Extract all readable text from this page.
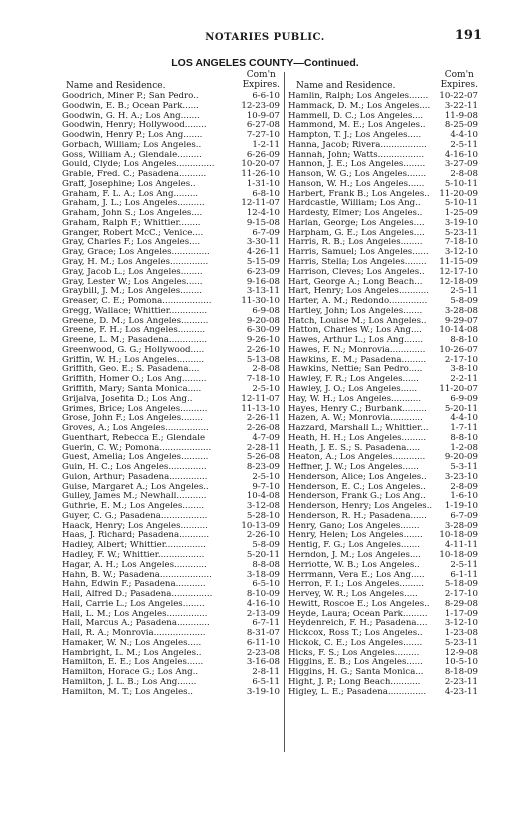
NOTARIES PUBLIC.	191
LOS ANGELES COUNTY—Continued.
Name and Residence.
Com'n
Expires.
Goodrich, Miner P.; San Pedro..	6-6-10
Goodwin, E. B.; Ocean Park......	12-23-09
Goodwin, G. H. A.; Los Ang.......	10-9-07
Goodwin, Henry; Hollywood........	6-27-08
Goodwin, Henry P.; Los Ang.......	7-27-10
Gorbach, William; Los Angeles..	1-2-11
Goss, William A.; Glendale.........	6-26-09
Gould, Clyde; Los Angeles..............	10-20-07
Grable, Fred. C.; Pasadena..........	11-26-10
Graff, Josephine; Los Angeles..	1-31-10
Graham, F. L. A.; Los Ang.........	6-8-10
Graham, J. L.; Los Angeles..........	12-11-07
Graham, John S.; Los Angeles....	12-4-10
Graham, Ralph F.; Whittier........	9-15-08
Granger, Robert McC.; Venice....	6-7-09
Gray, Charles F.; Los Angeles....	3-30-11
Gray, Grace; Los Angeles..............	4-26-11
Gray, H. M.; Los Angeles..............	5-15-09
Gray, Jacob L.; Los Angeles........	6-23-09
Gray, Lester W.; Los Angeles......	9-16-08
Graybill, J. M.; Los Angeles........	3-13-11
Greaser, C. E.; Pomona..................	11-30-10
Gregg, Wallace; Whittier..............	6-9-08
Greene, D. M.; Los Angeles..........	9-20-08
Greene, F. H.; Los Angeles..........	6-30-09
Greene, L. M.; Pasadena..............	9-26-10
Greenwood, G. G.; Hollywood.....	2-26-10
Griffin, W. H.; Los Angeles..........	5-13-08
Griffith, Geo. E.; S. Pasadena....	2-8-08
Griffith, Homer O.; Los Ang.........	7-18-10
Griffith, Mary; Santa Monica.....	2-5-10
Grijalva, Josefita D.; Los Ang..	12-11-07
Grimes, Brice; Los Angeles..........	11-13-10
Grose, John F.; Los Angeles........	2-26-11
Groves, A.; Los Angeles................	2-26-08
Guenthart, Rebecca E.; Glendale	4-7-09
Guerin, C. W.; Pomona...................	2-28-11
Guest, Amelia; Los Angeles..........	5-26-08
Guin, H. C.; Los Angeles..............	8-23-09
Guion, Arthur; Pasadena..............	2-5-10
Guise, Margaret A.; Los Angeles..	9-7-10
Gulley, James M.; Newhall...........	10-4-08
Guthrie, E. M.; Los Angeles........	3-12-08
Guyer, C. G.; Pasadena.................	5-28-10
Haack, Henry; Los Angeles..........	10-13-09
Haas, J. Richard; Pasadena...........	2-26-10
Hadley, Albert; Whittier...............	5-8-09
Hadley, F. W.; Whittier.................	5-20-11
Hagar, A. H.; Los Angeles............	8-8-08
Hahn, B. W.; Pasadena...................	3-18-09
Hahn, Edwin F.; Pasadena...........	6-5-10
Hall, Alfred D.; Pasadena...............	8-10-09
Hall, Carrie L.; Los Angeles........	4-16-10
Hall, L. M.; Los Angeles...............	2-13-09
Hall, Marcus A.; Pasadena............	6-7-11
Hall, R. A.; Monrovia...................	8-31-07
Hamaker, W. N.; Los Angeles.....	6-11-10
Hambright, L. M.; Los Angeles..	2-23-08
Hamilton, E. E.; Los Angeles......	3-16-08
Hamilton, Horace G.; Los Ang..	2-8-11
Hamilton, J. L. B.; Los Ang.......	6-5-11
Hamilton, M. T.; Los Angeles..	3-19-10
Name and Residence.
Com'n
Expires.
Hamlin, Ralph; Los Angeles.......	10-22-07
Hammack, D. M.; Los Angeles....	3-22-11
Hammell, D. C.; Los Angeles....	11-9-08
Hammond, M. E.; Los Angeles..	8-25-09
Hampton, T. J.; Los Angeles.....	4-4-10
Hanna, Jacob; Rivera.................	2-5-11
Hannah, John; Watts.................	4-16-10
Hannon, J. E.; Los Angeles........	3-27-09
Hanson, W. G.; Los Angeles.......	2-8-08
Hanson, W. H.; Los Angeles......	5-10-11
Harbert, Frank B.; Los Angeles..	11-20-09
Hardcastle, William; Los Ang..	5-10-11
Hardesty, Elmer; Los Angeles..	1-25-09
Harlan, George; Los Angeles....	3-19-10
Harpham, G. E.; Los Angeles....	5-23-11
Harris, R. B.; Los Angeles........	7-18-10
Harris, Samuel; Los Angeles......	3-12-10
Harris, Stella; Los Angeles........	11-15-09
Harrison, Cleves; Los Angeles..	12-17-10
Hart, George A.; Long Beach...	12-18-09
Hart, Henry; Los Angeles...........	2-5-11
Harter, A. M.; Redondo..............	5-8-09
Hartley, John; Los Angeles.......	3-28-08
Hatch, Louise M.; Los Angeles..	9-29-07
Hatton, Charles W.; Los Ang....	10-14-08
Hawes, Arthur L.; Los Ang.......	8-8-10
Hawes, F. N.; Monrovia.............	10-26-07
Hawkins, E. M.; Pasadena.........	2-17-10
Hawkins, Nettie; San Pedro.....	3-8-10
Hawley, F. R.; Los Angeles......	2-2-11
Hawley, J. O.; Los Angeles......	11-20-07
Hay, W. H.; Los Angeles...........	6-9-09
Hayes, Henry C.; Burbank.........	5-20-11
Hazen, A. W.; Monrovia............	4-4-10
Hazzard, Marshall L.; Whittier...	1-7-11
Heath, H. H.; Los Angeles.........	8-8-10
Heath, J. E. S.; S. Pasadena.....	1-2-08
Heaton, A.; Los Angeles............	9-20-09
Heffner, J. W.; Los Angeles......	5-3-11
Henderson, Alice; Los Angeles..	3-23-10
Henderson, E. C.; Los Angeles..	2-8-09
Henderson, Frank G.; Los Ang..	1-6-10
Henderson, Henry; Los Angeles..	1-19-10
Henderson, R. H.; Pasadena......	6-7-09
Henry, Gano; Los Angeles.......	3-28-09
Henry, Helen; Los Angeles.......	10-18-09
Hentig, F. G.; Los Angeles.......	4-11-11
Herndon, J. M.; Los Angeles....	10-18-09
Herriotte, W. B.; Los Angeles..	2-5-11
Herrmann, Vera E.; Los Ang.....	6-1-11
Herron, F. I.; Los Angeles.........	5-18-09
Hervey, W. R.; Los Angeles.....	2-17-10
Hewitt, Roscoe E.; Los Angeles..	8-29-08
Heyde, Laura; Ocean Park.........	1-17-09
Heydenreich, F. H.; Pasadena....	3-12-10
Hickcox, Ross T.; Los Angeles..	1-23-08
Hickok, C. E.; Los Angeles.......	5-23-11
Hicks, F. S.; Los Angeles.........	12-9-08
Higgins, E. B.; Los Angeles......	10-5-10
Higgins, H. G.; Santa Monica...	8-18-09
Hight, J. P.; Long Beach...........	2-23-11
Higley, L. E.; Pasadena..............	4-23-11
